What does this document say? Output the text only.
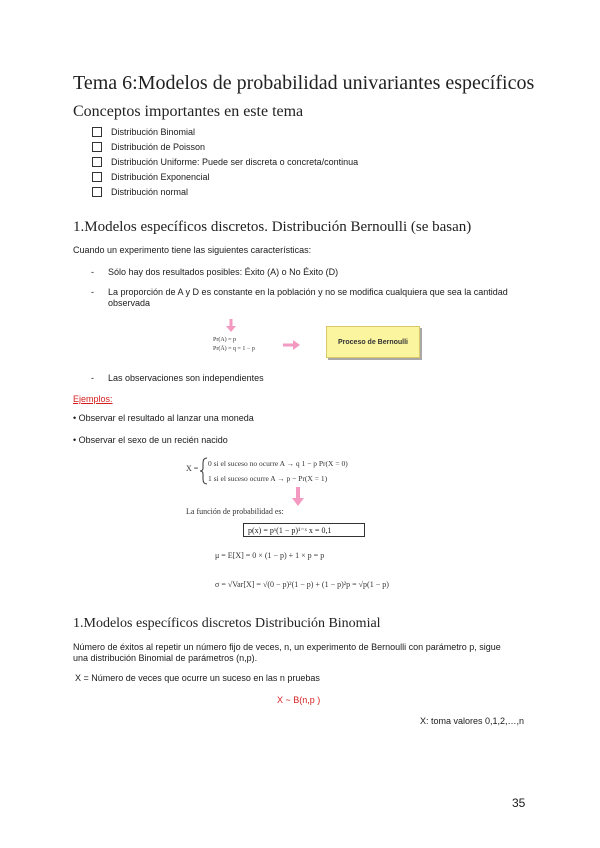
Tema 6:Modelos de probabilidad univariantes específicos
Conceptos importantes en este tema
Distribución Binomial
Distribución de Poisson
Distribución Uniforme: Puede ser discreta o concreta/continua
Distribución Exponencial
Distribución normal
1.Modelos específicos discretos. Distribución Bernoulli (se basan)
Cuando un experimento tiene las siguientes características:
- Sólo hay dos resultados posibles: Éxito (A) o No Éxito (D)
- La proporción de A y D es constante en la población y no se modifica cualquiera que sea la cantidad
observada
Pr(A) = p
Pr(Ā) = q = 1 − p
Proceso de Bernoulli
- Las observaciones son independientes
Ejemplos:
• Observar el resultado al lanzar una moneda
• Observar el sexo de un recién nacido
X =
0 si el suceso no ocurre A → q 1 − p Pr(X = 0)
1 si el suceso ocurre A → p − Pr(X = 1)
La función de probabilidad es:
p(x) = pˣ(1 − p)¹⁻ˣ x = 0,1
μ = E[X] = 0 × (1 − p) + 1 × p = p
σ = √Var[X] = √(0 − p)²(1 − p) + (1 − p)²p = √p(1 − p)
1.Modelos específicos discretos Distribución Binomial
Número de éxitos al repetir un número fijo de veces, n, un experimento de Bernoulli con parámetro p, sigue
una distribución Binomial de parámetros (n,p).
X = Número de veces que ocurre un suceso en las n pruebas
X ~ B(n,p )
X: toma valores 0,1,2,…,n
35
